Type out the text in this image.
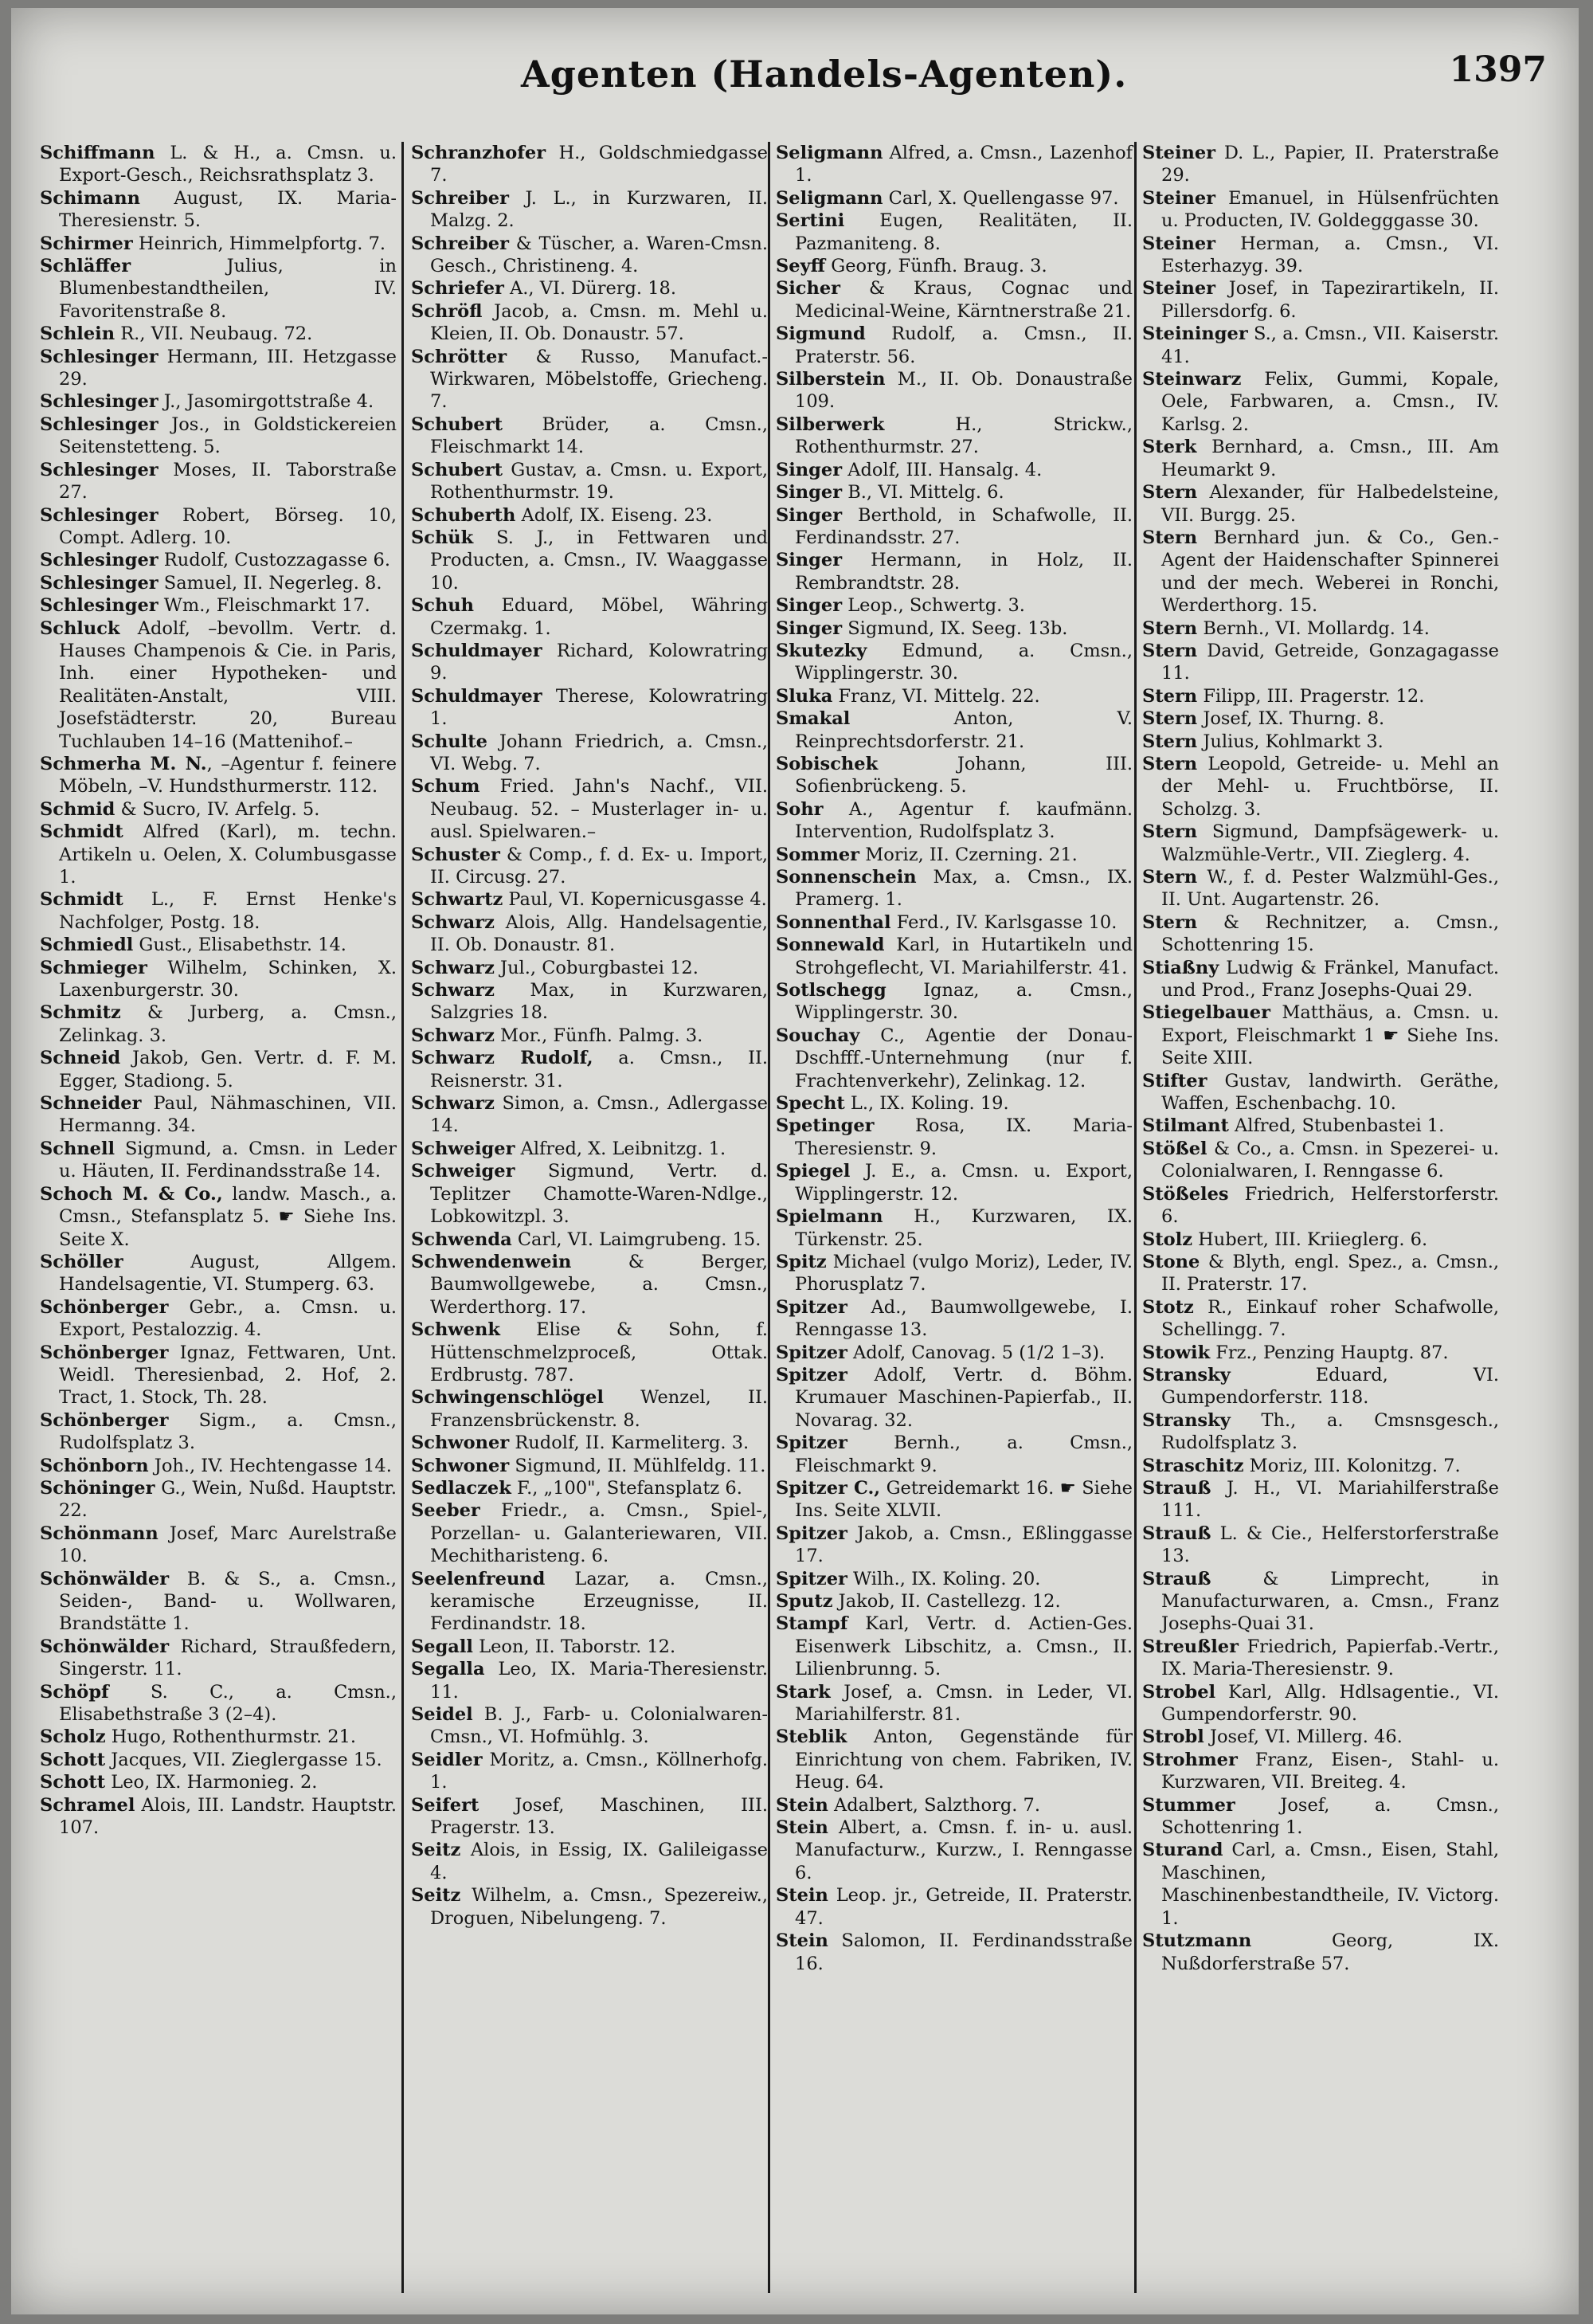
Agenten (Handels-Agenten).	1397

Schiffmann L. & H., a. Cmsn. u. Export-Gesch., Reichsrathsplatz 3.

Schimann August, IX. Maria-Theresienstr. 5.

Schirmer Heinrich, Himmelpfortg. 7.

Schläffer Julius, in Blumenbestandtheilen, IV. Favoritenstraße 8.

Schlein R., VII. Neubaug. 72.

Schlesinger Hermann, III. Hetzgasse 29.

Schlesinger J., Jasomirgottstraße 4.

Schlesinger Jos., in Goldstickereien Seitenstetteng. 5.

Schlesinger Moses, II. Taborstraße 27.

Schlesinger Robert, Börseg. 10, Compt. Adlerg. 10.

Schlesinger Rudolf, Custozzagasse 6.

Schlesinger Samuel, II. Negerleg. 8.

Schlesinger Wm., Fleischmarkt 17.

Schluck Adolf, –bevollm. Vertr. d. Hauses Champenois & Cie. in Paris, Inh. einer Hypotheken- und Realitäten-Anstalt, VIII. Josefstädterstr. 20, Bureau Tuchlauben 14–16 (Mattenihof.–

Schmerha M. N., –Agentur f. feinere Möbeln, –V. Hundsthurmerstr. 112.

Schmid & Sucro, IV. Arfelg. 5.

Schmidt Alfred (Karl), m. techn. Artikeln u. Oelen, X. Columbusgasse 1.

Schmidt L., F. Ernst Henke's Nachfolger, Postg. 18.

Schmiedl Gust., Elisabethstr. 14.

Schmieger Wilhelm, Schinken, X. Laxenburgerstr. 30.

Schmitz & Jurberg, a. Cmsn., Zelinkag. 3.

Schneid Jakob, Gen. Vertr. d. F. M. Egger, Stadiong. 5.

Schneider Paul, Nähmaschinen, VII. Hermanng. 34.

Schnell Sigmund, a. Cmsn. in Leder u. Häuten, II. Ferdinandsstraße 14.

Schoch M. & Co., landw. Masch., a. Cmsn., Stefansplatz 5. ☛ Siehe Ins. Seite X.

Schöller August, Allgem. Handelsagentie, VI. Stumperg. 63.

Schönberger Gebr., a. Cmsn. u. Export, Pestalozzig. 4.

Schönberger Ignaz, Fettwaren, Unt. Weidl. Theresienbad, 2. Hof, 2. Tract, 1. Stock, Th. 28.

Schönberger Sigm., a. Cmsn., Rudolfsplatz 3.

Schönborn Joh., IV. Hechtengasse 14.

Schöninger G., Wein, Nußd. Hauptstr. 22.

Schönmann Josef, Marc Aurelstraße 10.

Schönwälder B. & S., a. Cmsn., Seiden-, Band- u. Wollwaren, Brandstätte 1.

Schönwälder Richard, Straußfedern, Singerstr. 11.

Schöpf S. C., a. Cmsn., Elisabethstraße 3 (2–4).

Scholz Hugo, Rothenthurmstr. 21.

Schott Jacques, VII. Zieglergasse 15.

Schott Leo, IX. Harmonieg. 2.

Schramel Alois, III. Landstr. Hauptstr. 107.

Schranzhofer H., Goldschmiedgasse 7.

Schreiber J. L., in Kurzwaren, II. Malzg. 2.

Schreiber & Tüscher, a. Waren-Cmsn. Gesch., Christineng. 4.

Schriefer A., VI. Dürerg. 18.

Schröfl Jacob, a. Cmsn. m. Mehl u. Kleien, II. Ob. Donaustr. 57.

Schrötter & Russo, Manufact.-Wirkwaren, Möbelstoffe, Griecheng. 7.

Schubert Brüder, a. Cmsn., Fleischmarkt 14.

Schubert Gustav, a. Cmsn. u. Export, Rothenthurmstr. 19.

Schuberth Adolf, IX. Eiseng. 23.

Schük S. J., in Fettwaren und Producten, a. Cmsn., IV. Waaggasse 10.

Schuh Eduard, Möbel, Währing Czermakg. 1.

Schuldmayer Richard, Kolowratring 9.

Schuldmayer Therese, Kolowratring 1.

Schulte Johann Friedrich, a. Cmsn., VI. Webg. 7.

Schum Fried. Jahn's Nachf., VII. Neubaug. 52. – Musterlager in- u. ausl. Spielwaren.–

Schuster & Comp., f. d. Ex- u. Import, II. Circusg. 27.

Schwartz Paul, VI. Kopernicusgasse 4.

Schwarz Alois, Allg. Handelsagentie, II. Ob. Donaustr. 81.

Schwarz Jul., Coburgbastei 12.

Schwarz Max, in Kurzwaren, Salzgries 18.

Schwarz Mor., Fünfh. Palmg. 3.

Schwarz Rudolf, a. Cmsn., II. Reisnerstr. 31.

Schwarz Simon, a. Cmsn., Adlergasse 14.

Schweiger Alfred, X. Leibnitzg. 1.

Schweiger Sigmund, Vertr. d. Teplitzer Chamotte-Waren-Ndlge., Lobkowitzpl. 3.

Schwenda Carl, VI. Laimgrubeng. 15.

Schwendenwein & Berger, Baumwollgewebe, a. Cmsn., Werderthorg. 17.

Schwenk Elise & Sohn, f. Hüttenschmelzproceß, Ottak. Erdbrustg. 787.

Schwingenschlögel Wenzel, II. Franzensbrückenstr. 8.

Schwoner Rudolf, II. Karmeliterg. 3.

Schwoner Sigmund, II. Mühlfeldg. 11.

Sedlaczek F., „100", Stefansplatz 6.

Seeber Friedr., a. Cmsn., Spiel-, Porzellan- u. Galanteriewaren, VII. Mechitharisteng. 6.

Seelenfreund Lazar, a. Cmsn., keramische Erzeugnisse, II. Ferdinandstr. 18.

Segall Leon, II. Taborstr. 12.

Segalla Leo, IX. Maria-Theresienstr. 11.

Seidel B. J., Farb- u. Colonialwaren-Cmsn., VI. Hofmühlg. 3.

Seidler Moritz, a. Cmsn., Köllnerhofg. 1.

Seifert Josef, Maschinen, III. Pragerstr. 13.

Seitz Alois, in Essig, IX. Galileigasse 4.

Seitz Wilhelm, a. Cmsn., Spezereiw., Droguen, Nibelungeng. 7.

Seligmann Alfred, a. Cmsn., Lazenhof 1.

Seligmann Carl, X. Quellengasse 97.

Sertini Eugen, Realitäten, II. Pazmaniteng. 8.

Seyff Georg, Fünfh. Braug. 3.

Sicher & Kraus, Cognac und Medicinal-Weine, Kärntnerstraße 21.

Sigmund Rudolf, a. Cmsn., II. Praterstr. 56.

Silberstein M., II. Ob. Donaustraße 109.

Silberwerk H., Strickw., Rothenthurmstr. 27.

Singer Adolf, III. Hansalg. 4.

Singer B., VI. Mittelg. 6.

Singer Berthold, in Schafwolle, II. Ferdinandsstr. 27.

Singer Hermann, in Holz, II. Rembrandtstr. 28.

Singer Leop., Schwertg. 3.

Singer Sigmund, IX. Seeg. 13b.

Skutezky Edmund, a. Cmsn., Wipplingerstr. 30.

Sluka Franz, VI. Mittelg. 22.

Smakal Anton, V. Reinprechtsdorferstr. 21.

Sobischek Johann, III. Sofienbrückeng. 5.

Sohr A., Agentur f. kaufmänn. Intervention, Rudolfsplatz 3.

Sommer Moriz, II. Czerning. 21.

Sonnenschein Max, a. Cmsn., IX. Pramerg. 1.

Sonnenthal Ferd., IV. Karlsgasse 10.

Sonnewald Karl, in Hutartikeln und Strohgeflecht, VI. Mariahilferstr. 41.

Sotlschegg Ignaz, a. Cmsn., Wipplingerstr. 30.

Souchay C., Agentie der Donau-Dschfff.-Unternehmung (nur f. Frachtenverkehr), Zelinkag. 12.

Specht L., IX. Koling. 19.

Spetinger Rosa, IX. Maria-Theresienstr. 9.

Spiegel J. E., a. Cmsn. u. Export, Wipplingerstr. 12.

Spielmann H., Kurzwaren, IX. Türkenstr. 25.

Spitz Michael (vulgo Moriz), Leder, IV. Phorusplatz 7.

Spitzer Ad., Baumwollgewebe, I. Renngasse 13.

Spitzer Adolf, Canovag. 5 (1/2 1–3).

Spitzer Adolf, Vertr. d. Böhm. Krumauer Maschinen-Papierfab., II. Novarag. 32.

Spitzer Bernh., a. Cmsn., Fleischmarkt 9.

Spitzer C., Getreidemarkt 16. ☛ Siehe Ins. Seite XLVII.

Spitzer Jakob, a. Cmsn., Eßlinggasse 17.

Spitzer Wilh., IX. Koling. 20.

Sputz Jakob, II. Castellezg. 12.

Stampf Karl, Vertr. d. Actien-Ges. Eisenwerk Libschitz, a. Cmsn., II. Lilienbrunng. 5.

Stark Josef, a. Cmsn. in Leder, VI. Mariahilferstr. 81.

Steblik Anton, Gegenstände für Einrichtung von chem. Fabriken, IV. Heug. 64.

Stein Adalbert, Salzthorg. 7.

Stein Albert, a. Cmsn. f. in- u. ausl. Manufacturw., Kurzw., I. Renngasse 6.

Stein Leop. jr., Getreide, II. Praterstr. 47.

Stein Salomon, II. Ferdinandsstraße 16.

Steiner D. L., Papier, II. Praterstraße 29.

Steiner Emanuel, in Hülsenfrüchten u. Producten, IV. Goldegggasse 30.

Steiner Herman, a. Cmsn., VI. Esterhazyg. 39.

Steiner Josef, in Tapezirartikeln, II. Pillersdorfg. 6.

Steininger S., a. Cmsn., VII. Kaiserstr. 41.

Steinwarz Felix, Gummi, Kopale, Oele, Farbwaren, a. Cmsn., IV. Karlsg. 2.

Sterk Bernhard, a. Cmsn., III. Am Heumarkt 9.

Stern Alexander, für Halbedelsteine, VII. Burgg. 25.

Stern Bernhard jun. & Co., Gen.-Agent der Haidenschafter Spinnerei und der mech. Weberei in Ronchi, Werderthorg. 15.

Stern Bernh., VI. Mollardg. 14.

Stern David, Getreide, Gonzagagasse 11.

Stern Filipp, III. Pragerstr. 12.

Stern Josef, IX. Thurng. 8.

Stern Julius, Kohlmarkt 3.

Stern Leopold, Getreide- u. Mehl an der Mehl- u. Fruchtbörse, II. Scholzg. 3.

Stern Sigmund, Dampfsägewerk- u. Walzmühle-Vertr., VII. Zieglerg. 4.

Stern W., f. d. Pester Walzmühl-Ges., II. Unt. Augartenstr. 26.

Stern & Rechnitzer, a. Cmsn., Schottenring 15.

Stiaßny Ludwig & Fränkel, Manufact. und Prod., Franz Josephs-Quai 29.

Stiegelbauer Matthäus, a. Cmsn. u. Export, Fleischmarkt 1 ☛ Siehe Ins. Seite XIII.

Stifter Gustav, landwirth. Geräthe, Waffen, Eschenbachg. 10.

Stilmant Alfred, Stubenbastei 1.

Stößel & Co., a. Cmsn. in Spezerei- u. Colonialwaren, I. Renngasse 6.

Stößeles Friedrich, Helferstorferstr. 6.

Stolz Hubert, III. Kriieglerg. 6.

Stone & Blyth, engl. Spez., a. Cmsn., II. Praterstr. 17.

Stotz R., Einkauf roher Schafwolle, Schellingg. 7.

Stowik Frz., Penzing Hauptg. 87.

Stransky Eduard, VI. Gumpendorferstr. 118.

Stransky Th., a. Cmsnsgesch., Rudolfsplatz 3.

Straschitz Moriz, III. Kolonitzg. 7.

Strauß J. H., VI. Mariahilferstraße 111.

Strauß L. & Cie., Helferstorferstraße 13.

Strauß & Limprecht, in Manufacturwaren, a. Cmsn., Franz Josephs-Quai 31.

Streußler Friedrich, Papierfab.-Vertr., IX. Maria-Theresienstr. 9.

Strobel Karl, Allg. Hdlsagentie., VI. Gumpendorferstr. 90.

Strobl Josef, VI. Millerg. 46.

Strohmer Franz, Eisen-, Stahl- u. Kurzwaren, VII. Breiteg. 4.

Stummer Josef, a. Cmsn., Schottenring 1.

Sturand Carl, a. Cmsn., Eisen, Stahl, Maschinen, Maschinenbestandtheile, IV. Victorg. 1.

Stutzmann Georg, IX. Nußdorferstraße 57.
